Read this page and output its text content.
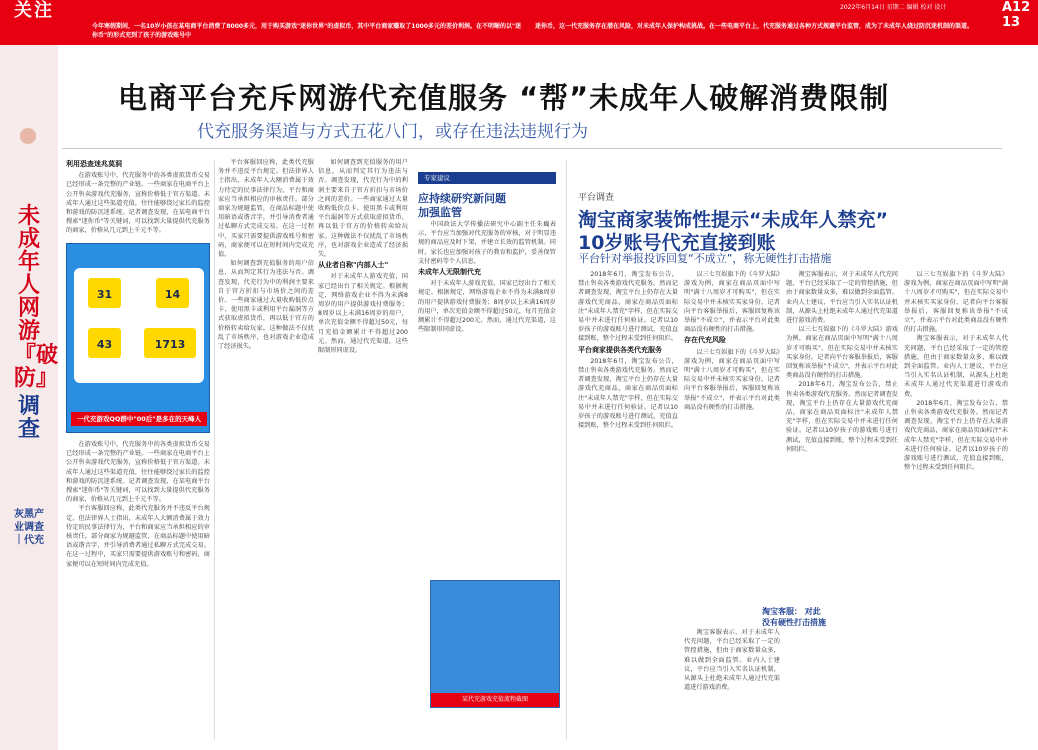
关注	2022年6月14日 星期二 编辑 校对 设计	A12 13
今年寒假期间，一名10岁小孩在某电商平台消费了8000多元，用于购买游戏"迷你世界"的虚拟币，其中平台商家赚取了1000多元的差价利润。在不明晰的以"迷你币"的形式充到了孩子的游戏账号中
迷你币，这一代充服务存在潜在风险，对未成年人保护构成挑战。在一些电商平台上，代充服务通过各种方式规避平台监管，成为了未成年人绕过防沉迷机制的渠道。
未成年人网游『破防』
调查
灰黑产业调查｜代充
电商平台充斥网游代充值服务 “帮”未成年人破解消费限制
代充服务渠道与方式五花八门，或存在违法违规行为

利用恐查迷兆莫洞

在游戏账号中，代充服务中的各类虚拟货币交易已经形成一条完整的产业链。一些商家在电商平台上公开售卖游戏代充服务，宣称价格低于官方渠道。未成年人通过这些渠道充值，往往能够绕过家长的监控和游戏的防沉迷系统。记者调查发现，在某电商平台搜索"迷你币"等关键词，可以找到大量提供代充服务的商家，价格从几元到上千元不等。

31	14
43	1713
一代充游戏QQ群中"00后"是多在的天峰人

在游戏账号中，代充服务中的各类虚拟货币交易已经形成一条完整的产业链。一些商家在电商平台上公开售卖游戏代充服务，宣称价格低于官方渠道。未成年人通过这些渠道充值，往往能够绕过家长的监控和游戏的防沉迷系统。记者调查发现，在某电商平台搜索"迷你币"等关键词，可以找到大量提供代充服务的商家，价格从几元到上千元不等。

平台客服回应称，此类代充服务并不违反平台规定。但法律界人士指出，未成年人大额消费属于效力待定的民事法律行为，平台和商家应当承担相应的审核责任。部分商家为规避监管，在商品标题中使用暗语或谐音字，并引导消费者通过私聊方式完成交易。在这一过程中，买家只需要提供游戏账号和密码，商家便可以在短时间内完成充值。

平台客服回应称，此类代充服务并不违反平台规定。但法律界人士指出，未成年人大额消费属于效力待定的民事法律行为，平台和商家应当承担相应的审核责任。部分商家为规避监管，在商品标题中使用暗语或谐音字，并引导消费者通过私聊方式完成交易。在这一过程中，买家只需要提供游戏账号和密码，商家便可以在短时间内完成充值。

如何调查到充值服务的用户信息，从而判定其行为违法与否。调查发现，代充行为中的利润主要来自于官方折扣与市场价之间的差价。一些商家通过大量收购低价点卡、使用黑卡或利用平台漏洞等方式获取虚拟货币，再以低于官方的价格转卖给玩家。这种做法不仅扰乱了市场秩序，也对游戏企业造成了经济损失。

如何调查到充值服务的用户信息，从而判定其行为违法与否。调查发现，代充行为中的利润主要来自于官方折扣与市场价之间的差价。一些商家通过大量收购低价点卡、使用黑卡或利用平台漏洞等方式获取虚拟货币，再以低于官方的价格转卖给玩家。这种做法不仅扰乱了市场秩序，也对游戏企业造成了经济损失。

从业者自称"内部人士"

对于未成年人游戏充值，国家已经出台了相关规定。根据规定，网络游戏企业不得为未满8周岁的用户提供游戏付费服务；8周岁以上未满16周岁的用户，单次充值金额不得超过50元，每月充值金额累计不得超过200元。然而，通过代充渠道，这些限制形同虚设。

专家建议
应持续研究新问题
加强监管

中国政法大学传播法研究中心副主任朱巍表示，平台应当加强对代充服务的审核，对于明显违规的商品应及时下架，并建立长效的监管机制。同时，家长也应加强对孩子的教育和监护，妥善保管支付密码等个人信息。

未成年人无限制代充

对于未成年人游戏充值，国家已经出台了相关规定。根据规定，网络游戏企业不得为未满8周岁的用户提供游戏付费服务；8周岁以上未满16周岁的用户，单次充值金额不得超过50元，每月充值金额累计不得超过200元。然而，通过代充渠道，这些限制形同虚设。

某代充游戏充值流程截图
平台调查
淘宝商家装饰性提示“未成年人禁充”
10岁账号代充直接到账
平台针对举报投诉回复“不成立”，称无硬性打击措施

2018年6月，淘宝发布公告，禁止售卖各类游戏代充服务。然而记者调查发现，淘宝平台上仍存在大量游戏代充商品，商家在商品页面标注"未成年人禁充"字样，但在实际交易中并未进行任何验证。记者以10岁孩子的游戏账号进行测试，充值直接到账，整个过程未受到任何阻拦。

平台商家提供各类代充服务

2018年6月，淘宝发布公告，禁止售卖各类游戏代充服务。然而记者调查发现，淘宝平台上仍存在大量游戏代充商品，商家在商品页面标注"未成年人禁充"字样，但在实际交易中并未进行任何验证。记者以10岁孩子的游戏账号进行测试，充值直接到账，整个过程未受到任何阻拦。

以三七互娱旗下的《斗罗大陆》游戏为例，商家在商品页面中写明"满十八周岁才可购买"，但在实际交易中并未核实买家身份。记者向平台客服举报后，客服回复称该举报"不成立"，并表示平台对此类商品没有硬性的打击措施。

存在代充风险

以三七互娱旗下的《斗罗大陆》游戏为例，商家在商品页面中写明"满十八周岁才可购买"，但在实际交易中并未核实买家身份。记者向平台客服举报后，客服回复称该举报"不成立"，并表示平台对此类商品没有硬性的打击措施。

淘宝客服： 对此没有硬性打击措施

淘宝客服表示，对于未成年人代充问题，平台已经采取了一定的管控措施，但由于商家数量众多，难以做到全面监管。业内人士建议，平台应当引入实名认证机制，从源头上杜绝未成年人通过代充渠道进行游戏消费。

淘宝客服表示，对于未成年人代充问题，平台已经采取了一定的管控措施，但由于商家数量众多，难以做到全面监管。业内人士建议，平台应当引入实名认证机制，从源头上杜绝未成年人通过代充渠道进行游戏消费。

以三七互娱旗下的《斗罗大陆》游戏为例，商家在商品页面中写明"满十八周岁才可购买"，但在实际交易中并未核实买家身份。记者向平台客服举报后，客服回复称该举报"不成立"，并表示平台对此类商品没有硬性的打击措施。

2018年6月，淘宝发布公告，禁止售卖各类游戏代充服务。然而记者调查发现，淘宝平台上仍存在大量游戏代充商品，商家在商品页面标注"未成年人禁充"字样，但在实际交易中并未进行任何验证。记者以10岁孩子的游戏账号进行测试，充值直接到账，整个过程未受到任何阻拦。

以三七互娱旗下的《斗罗大陆》游戏为例，商家在商品页面中写明"满十八周岁才可购买"，但在实际交易中并未核实买家身份。记者向平台客服举报后，客服回复称该举报"不成立"，并表示平台对此类商品没有硬性的打击措施。

淘宝客服表示，对于未成年人代充问题，平台已经采取了一定的管控措施，但由于商家数量众多，难以做到全面监管。业内人士建议，平台应当引入实名认证机制，从源头上杜绝未成年人通过代充渠道进行游戏消费。

2018年6月，淘宝发布公告，禁止售卖各类游戏代充服务。然而记者调查发现，淘宝平台上仍存在大量游戏代充商品，商家在商品页面标注"未成年人禁充"字样，但在实际交易中并未进行任何验证。记者以10岁孩子的游戏账号进行测试，充值直接到账，整个过程未受到任何阻拦。
